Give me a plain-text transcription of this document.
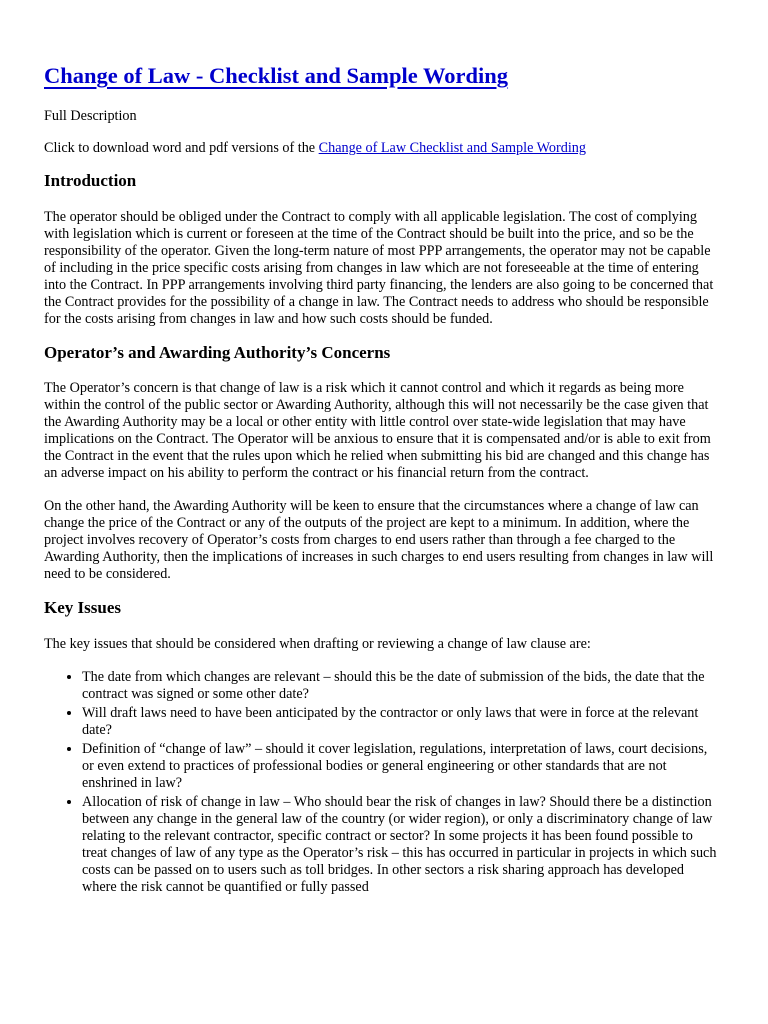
Change of Law - Checklist and Sample Wording

Full Description

Click to download word and pdf versions of the Change of Law Checklist and Sample Wording

Introduction

The operator should be obliged under the Contract to comply with all applicable legislation. The cost of complying with legislation which is current or foreseen at the time of the Contract should be built into the price, and so be the responsibility of the operator. Given the long-term nature of most PPP arrangements, the operator may not be capable of including in the price specific costs arising from changes in law which are not foreseeable at the time of entering into the Contract. In PPP arrangements involving third party financing, the lenders are also going to be concerned that the Contract provides for the possibility of a change in law. The Contract needs to address who should be responsible for the costs arising from changes in law and how such costs should be funded.

Operator’s and Awarding Authority’s Concerns

The Operator’s concern is that change of law is a risk which it cannot control and which it regards as being more within the control of the public sector or Awarding Authority, although this will not necessarily be the case given that the Awarding Authority may be a local or other entity with little control over state-wide legislation that may have implications on the Contract. The Operator will be anxious to ensure that it is compensated and/or is able to exit from the Contract in the event that the rules upon which he relied when submitting his bid are changed and this change has an adverse impact on his ability to perform the contract or his financial return from the contract.

On the other hand, the Awarding Authority will be keen to ensure that the circumstances where a change of law can change the price of the Contract or any of the outputs of the project are kept to a minimum. In addition, where the project involves recovery of Operator’s costs from charges to end users rather than through a fee charged to the Awarding Authority, then the implications of increases in such charges to end users resulting from changes in law will need to be considered.

Key Issues

The key issues that should be considered when drafting or reviewing a change of law clause are:

• The date from which changes are relevant – should this be the date of submission of the bids, the date that the contract was signed or some other date?
• Will draft laws need to have been anticipated by the contractor or only laws that were in force at the relevant date?
• Definition of “change of law” – should it cover legislation, regulations, interpretation of laws, court decisions, or even extend to practices of professional bodies or general engineering or other standards that are not enshrined in law?
• Allocation of risk of change in law – Who should bear the risk of changes in law? Should there be a distinction between any change in the general law of the country (or wider region), or only a discriminatory change of law relating to the relevant contractor, specific contract or sector? In some projects it has been found possible to treat changes of law of any type as the Operator’s risk – this has occurred in particular in projects in which such costs can be passed on to users such as toll bridges. In other sectors a risk sharing approach has developed where the risk cannot be quantified or fully passed
